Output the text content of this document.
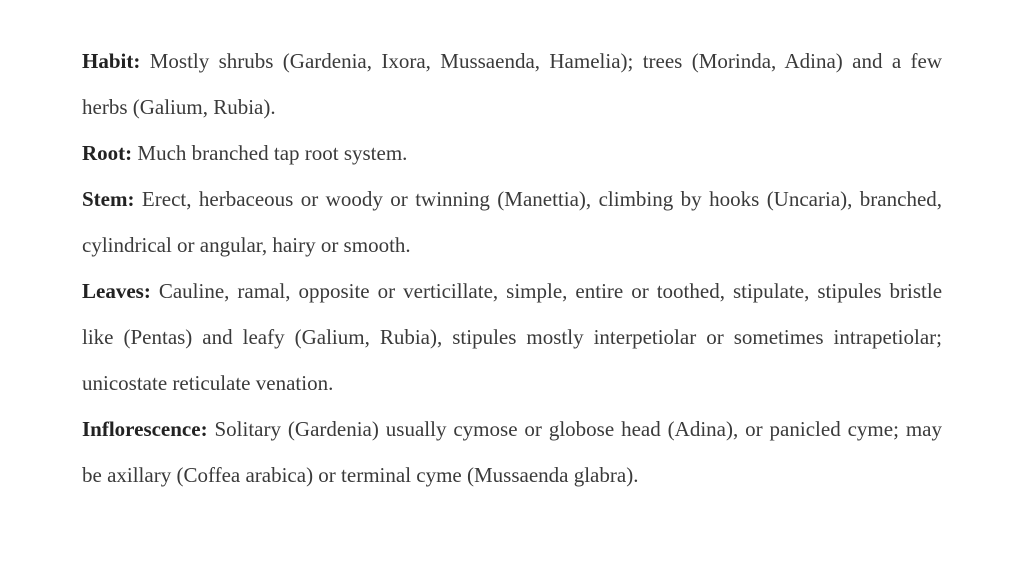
Habit: Mostly shrubs (Gardenia, Ixora, Mussaenda, Hamelia); trees (Morinda, Adina) and a few herbs (Galium, Rubia).

Root: Much branched tap root system.

Stem: Erect, herbaceous or woody or twinning (Manettia), climbing by hooks (Uncaria), branched, cylindrical or angular, hairy or smooth.

Leaves: Cauline, ramal, opposite or verticillate, simple, entire or toothed, stipulate, stipules bristle like (Pentas) and leafy (Galium, Rubia), stipules mostly interpetiolar or sometimes intrapetiolar; unicostate reticulate venation.

Inflorescence: Solitary (Gardenia) usually cymose or globose head (Adina), or panicled cyme; may be axillary (Coffea arabica) or terminal cyme (Mussaenda glabra).
